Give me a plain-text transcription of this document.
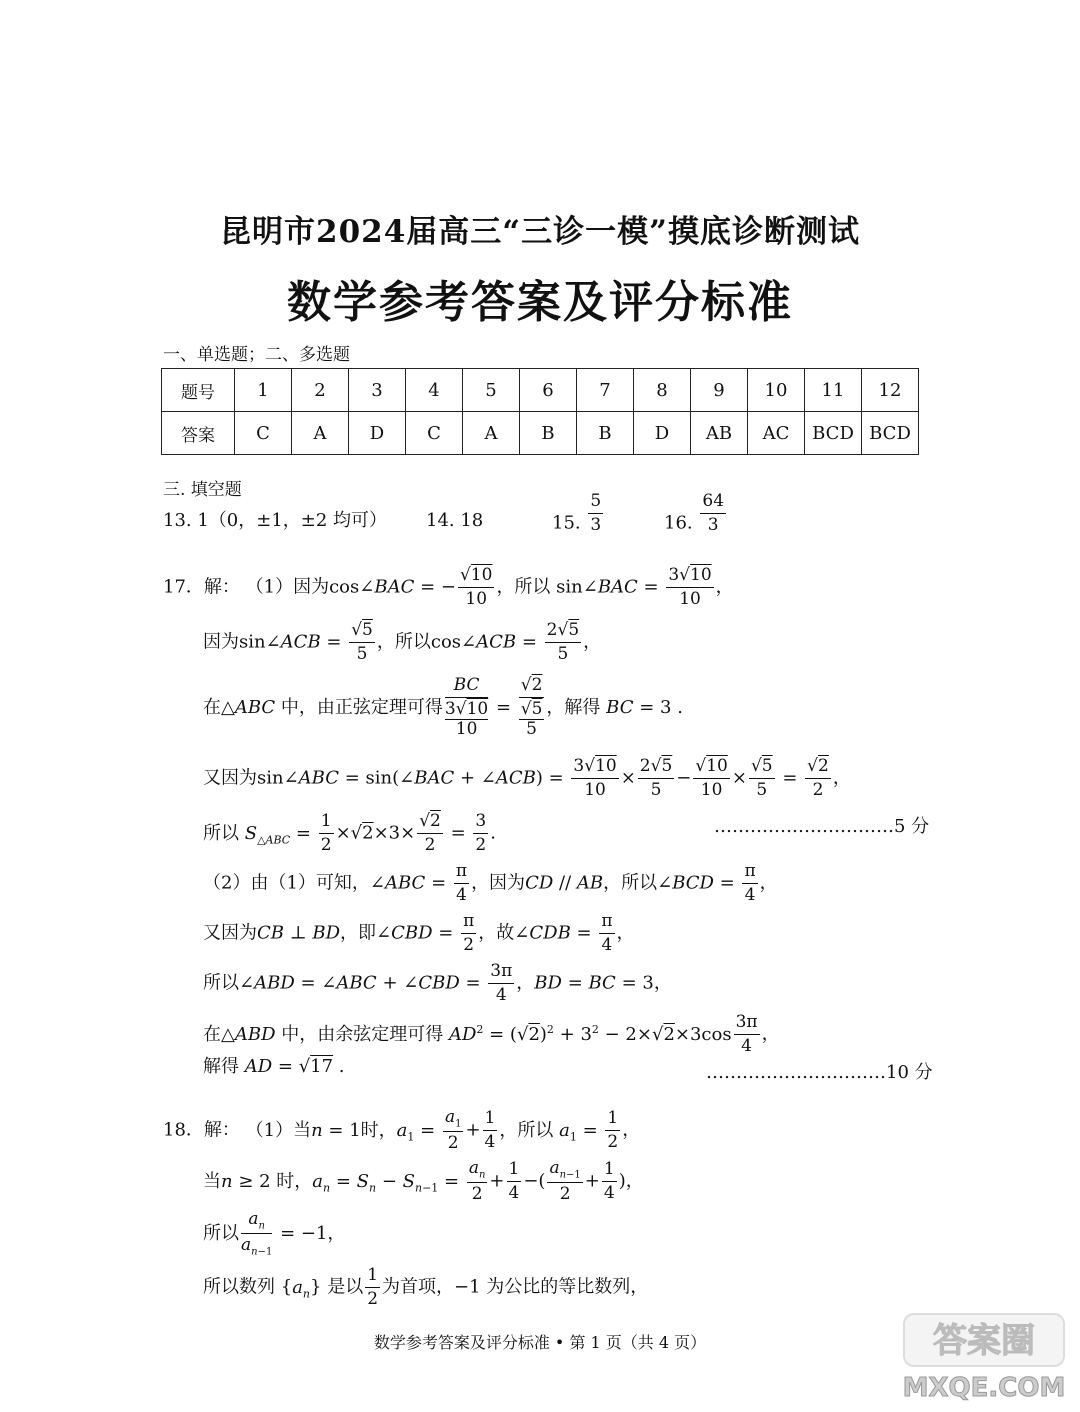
昆明市2024届高三“三诊一模”摸底诊断测试
数学参考答案及评分标准
一、单选题；二、多选题
题号	1	2	3	4	5	6	7	8	9	10	11	12
答案	C	A	D	C	A	B	B	D	AB	AC	BCD	BCD
三. 填空题
13. 1（0，±1，±2 均可） 14. 18	15. $\frac{5}{3}$	16. $\frac{64}{3}$
17．解： （1）因为cos∠BAC = − $\frac{√10}{10}$ ，所以 sin∠BAC = $\frac{3√10}{10}$ ，
因为sin∠ACB = $\frac{√5}{5}$ ，所以cos∠ACB = $\frac{2√5}{5}$ ，
在△ABC 中，由正弦定理可得 BC
3√10
10 = √2
√5
5 ，解得 BC = 3 .
又因为sin∠ABC = sin(∠BAC + ∠ACB) = $\frac{3√10}{10} \times \frac{2√5}{5} - \frac{√10}{10} \times \frac{√5}{5} = \frac{√2}{2}$ ，
所以 $S_{\triangle ABC} = \frac{1}{2} \times√2\times 3\times \frac{√2}{2} = \frac{3}{2}$ .	…………………………5 分
（2）由（1）可知，∠ABC = $\frac{\pi}{4}$ ，因为CD // AB，所以∠BCD = $\frac{\pi}{4}$ ，
又因为CB ⊥ BD，即∠CBD = $\frac{\pi}{2}$ ，故∠CDB = $\frac{\pi}{4}$ ，
所以∠ABD = ∠ABC + ∠CBD = $\frac{3\pi}{4}$ ，BD = BC = 3，
在△ABD 中，由余弦定理可得 $AD^2 = (√2)^2 + 3^2 - 2\times√2\times 3\cos \frac{3\pi}{4}$ ，
解得 AD = √17 .	…………………………10 分
18．解： （1）当n = 1时，$a_1 = \frac{a_1}{2} + \frac{1}{4}$ ，所以 $a_1 = \frac{1}{2}$ ，
当n ≥ 2 时，$a_n = S_n - S_{n-1} = \frac{a_n}{2} + \frac{1}{4}$ −( $\frac{a_{n-1}}{2} + \frac{1}{4}$ )，
所以 $\frac{a_n}{a_{n-1}} = -1$，
所以数列 $\{a_n\}$ 是以 $\frac{1}{2}$ 为首项，−1 为公比的等比数列，
数学参考答案及评分标准 • 第 1 页（共 4 页）	答案圈
MXQE.COM
